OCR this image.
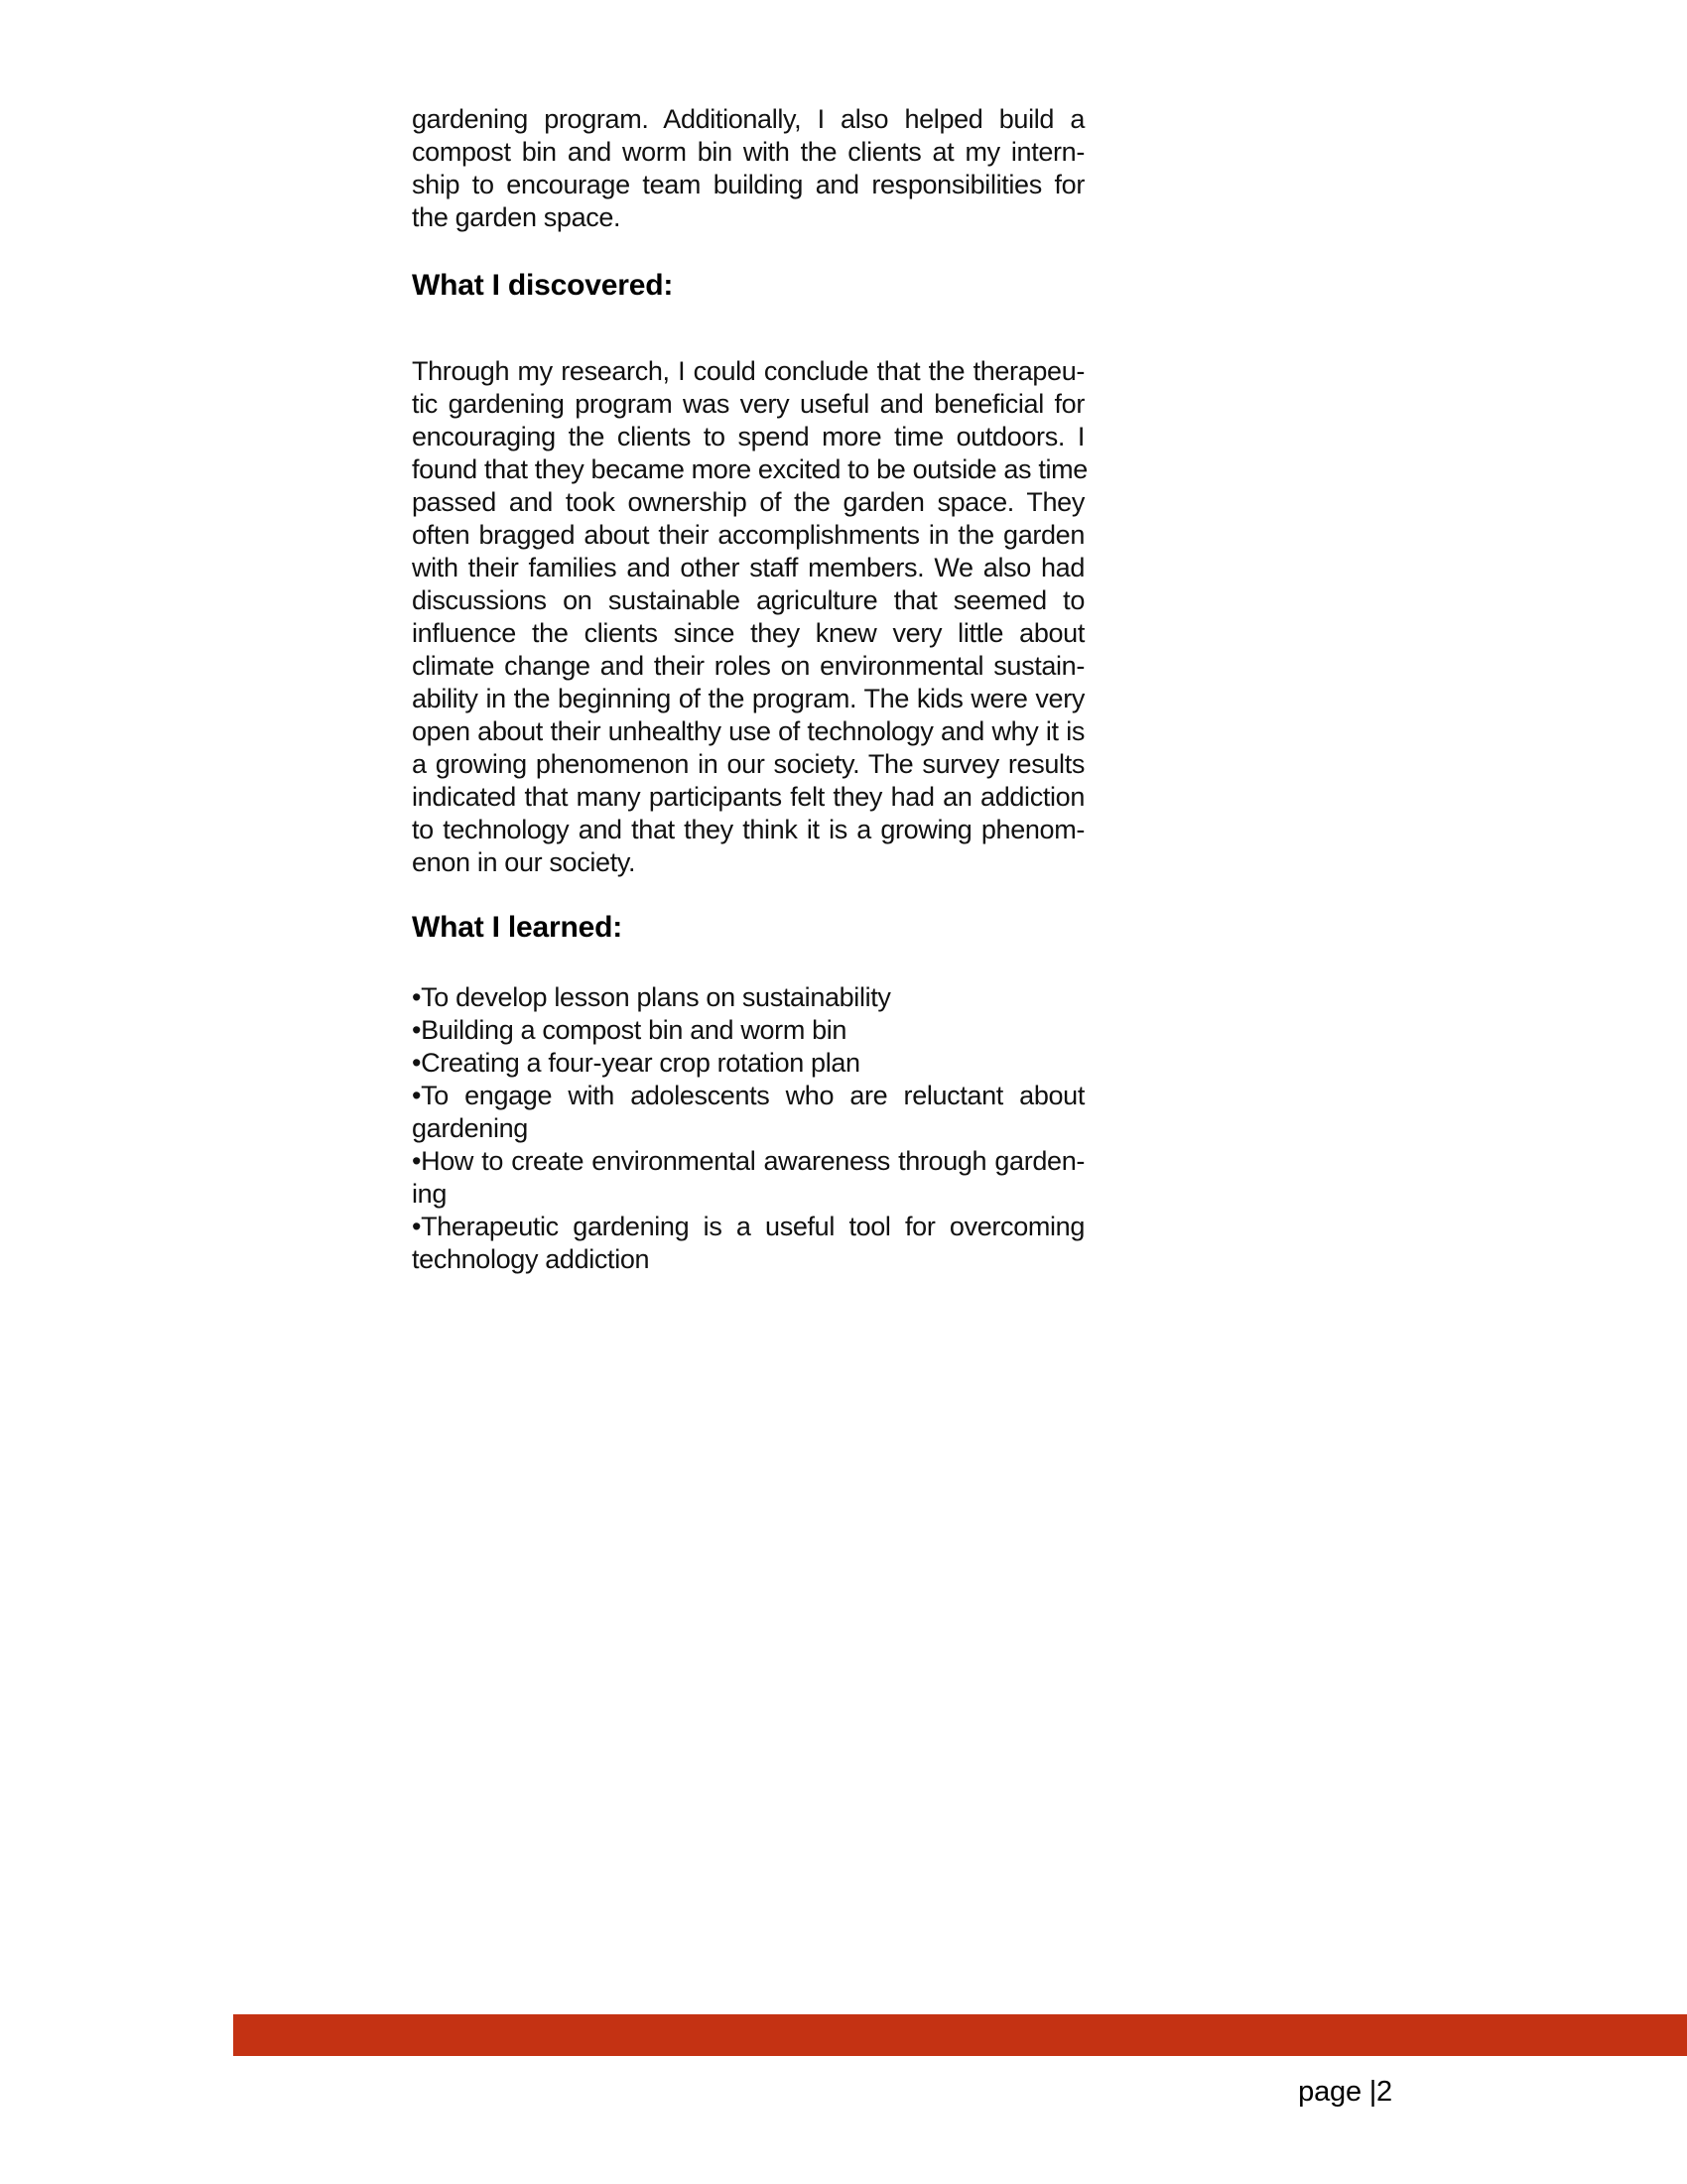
gardening program. Additionally, I also helped build a
compost bin and worm bin with the clients at my intern-
ship to encourage team building and responsibilities for
the garden space.
What I discovered:
Through my research, I could conclude that the therapeu-
tic gardening program was very useful and beneficial for
encouraging the clients to spend more time outdoors. I
found that they became more excited to be outside as time
passed and took ownership of the garden space. They
often bragged about their accomplishments in the garden
with their families and other staff members. We also had
discussions on sustainable agriculture that seemed to
influence the clients since they knew very little about
climate change and their roles on environmental sustain-
ability in the beginning of the program. The kids were very
open about their unhealthy use of technology and why it is
a growing phenomenon in our society. The survey results
indicated that many participants felt they had an addiction
to technology and that they think it is a growing phenom-
enon in our society.
What I learned:
•To develop lesson plans on sustainability
•Building a compost bin and worm bin
•Creating a four-year crop rotation plan
•To engage with adolescents who are reluctant about
gardening
•How to create environmental awareness through garden-
ing
•Therapeutic gardening is a useful tool for overcoming
technology addiction
page |2
